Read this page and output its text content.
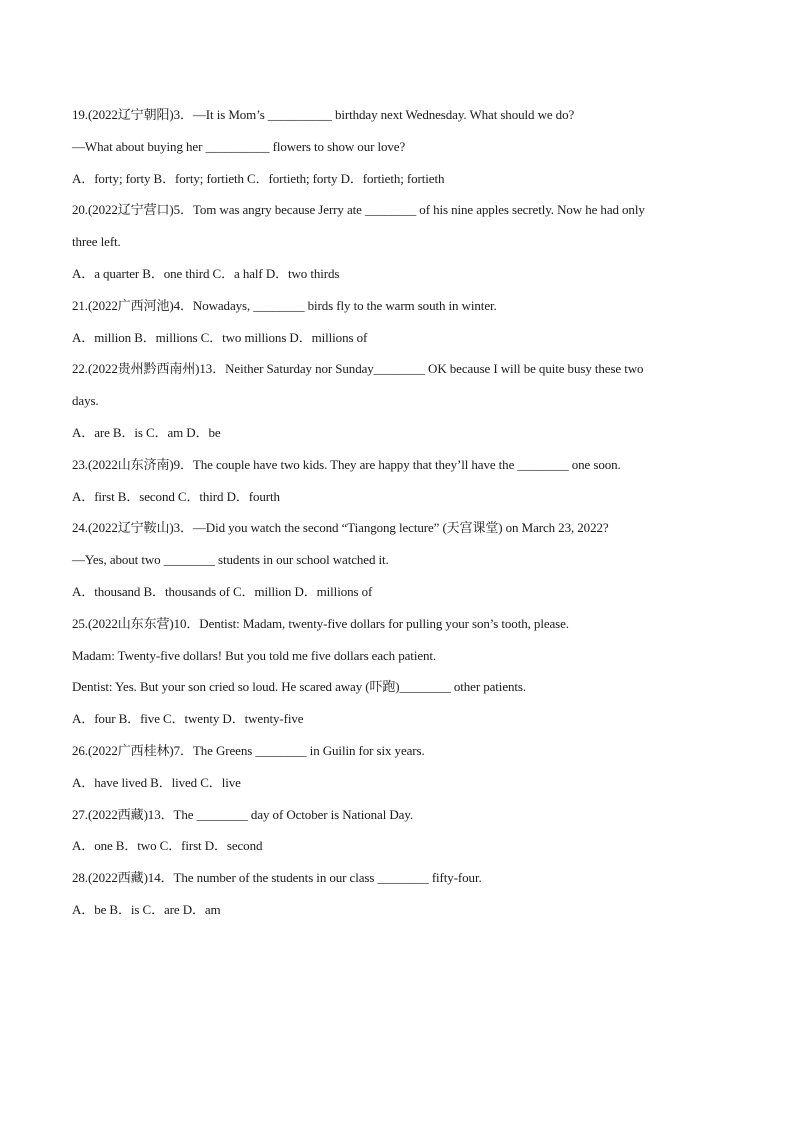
19.(2022辽宁朝阳)3．—It is Mom’s __________ birthday next Wednesday. What should we do?
—What about buying her __________ flowers to show our love?
A．forty; forty B．forty; fortieth C．fortieth; forty D．fortieth; fortieth
20.(2022辽宁营口)5．Tom was angry because Jerry ate ________ of his nine apples secretly. Now he had only
three left.
A．a quarter B．one third C．a half D．two thirds
21.(2022广西河池)4．Nowadays, ________ birds fly to the warm south in winter.
A．million B．millions C．two millions D．millions of
22.(2022贵州黔西南州)13．Neither Saturday nor Sunday________ OK because I will be quite busy these two
days.
A．are B．is C．am D．be
23.(2022山东济南)9．The couple have two kids. They are happy that they’ll have the ________ one soon.
A．first B．second C．third D．fourth
24.(2022辽宁鞍山)3．—Did you watch the second “Tiangong lecture” (天宫课堂) on March 23, 2022?
—Yes, about two ________ students in our school watched it.
A．thousand B．thousands of C．million D．millions of
25.(2022山东东营)10．Dentist: Madam, twenty-five dollars for pulling your son’s tooth, please.
Madam: Twenty-five dollars! But you told me five dollars each patient.
Dentist: Yes. But your son cried so loud. He scared away (吓跑)________ other patients.
A．four B．five C．twenty D．twenty-five
26.(2022广西桂林)7．The Greens ________ in Guilin for six years.
A．have lived B．lived C．live
27.(2022西藏)13．The ________ day of October is National Day.
A．one B．two C．first D．second
28.(2022西藏)14．The number of the students in our class ________ fifty-four.
A．be B．is C．are D．am
